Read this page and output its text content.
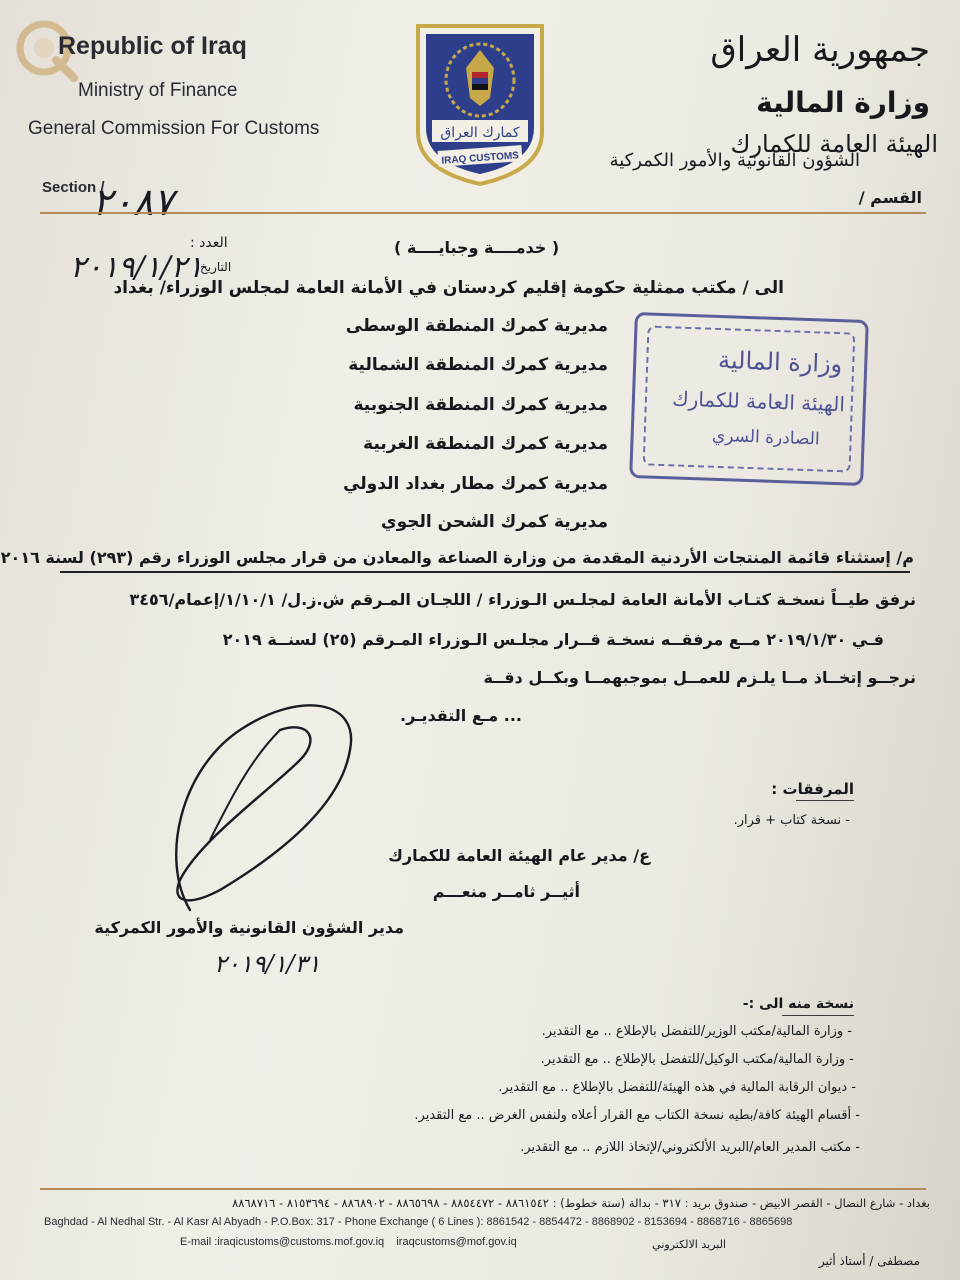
Republic of Iraq
Ministry of Finance
General Commission For Customs	كمارك العراق
IRAQ CUSTOMS
جمهورية العراق
وزارة المالية
الهيئة العامة للكمارك
الشؤون القانونية والأمور الكمركية
Section /
٢٠٨٧	القسم /
العدد :
التاريخ
٢٠١٩/١/٢١
( خدمــــة وجبايــــة )
الى / مكتب ممثلية حكومة إقليم كردستان في الأمانة العامة لمجلس الوزراء/ بغداد
مديرية كمرك المنطقة الوسطى
مديرية كمرك المنطقة الشمالية
مديرية كمرك المنطقة الجنوبية
مديرية كمرك المنطقة الغربية
مديرية كمرك مطار بغداد الدولي
مديرية كمرك الشحن الجوي
وزارة المالية
الهيئة العامة للكمارك
الصادرة السري
م/ إستثناء قائمة المنتجات الأردنية المقدمة من وزارة الصناعة والمعادن من قرار مجلس الوزراء رقم (٢٩٣) لسنة ٢٠١٦
نرفق طيــاً نسخـة كتـاب الأمانة العامة لمجلـس الـوزراء / اللجـان المـرقم ش.ز.ل/ ١/١٠/١/إعمام/٣٤٥٦
فـي ٢٠١٩/١/٣٠ مــع مرفقــه نسخـة قــرار مجلـس الـوزراء المـرقم (٢٥) لسنــة ٢٠١٩
نرجــو إتخــاذ مــا يلـزم للعمــل بموجبهمــا وبكــل دقــة
... مـع التقديـر.
المرفقات :
- نسخة كتاب + قرار.
ع/ مدير عام الهيئة العامة للكمارك
أثيــر ثامــر منعـــم
مدير الشؤون القانونية والأمور الكمركية
٢٠١٩/١/٣١
نسخة منه الى :-
- وزارة المالية/مكتب الوزير/للتفضل بالإطلاع .. مع التقدير.
- وزارة المالية/مكتب الوكيل/للتفضل بالإطلاع .. مع التقدير.
- ديوان الرقابة المالية في هذه الهيئة/للتفضل بالإطلاع .. مع التقدير.
- أقسام الهيئة كافة/بطيه نسخة الكتاب مع القرار أعلاه ولنفس الغرض .. مع التقدير.
- مكتب المدير العام/البريد الألكتروني/لإتخاذ اللازم .. مع التقدير.
بغداد - شارع النضال - القصر الابيض - صندوق بريد : ٣١٧ - بدالة (ستة خطوط) : ٨٨٦١٥٤٢ - ٨٨٥٤٤٧٢ - ٨٨٦٥٦٩٨ - ٨٨٦٨٩٠٢ - ٨١٥٣٦٩٤ - ٨٨٦٨٧١٦
Baghdad - Al Nedhal Str. - Al Kasr Al Abyadh - P.O.Box: 317 - Phone Exchange ( 6 Lines ): 8861542 - 8854472 - 8868902 - 8153694 - 8868716 - 8865698
E-mail :iraqicustoms@customs.mof.gov.iq    iraqcustoms@mof.gov.iq	البريد الالكتروني
مصطفى / أستاذ أثير
